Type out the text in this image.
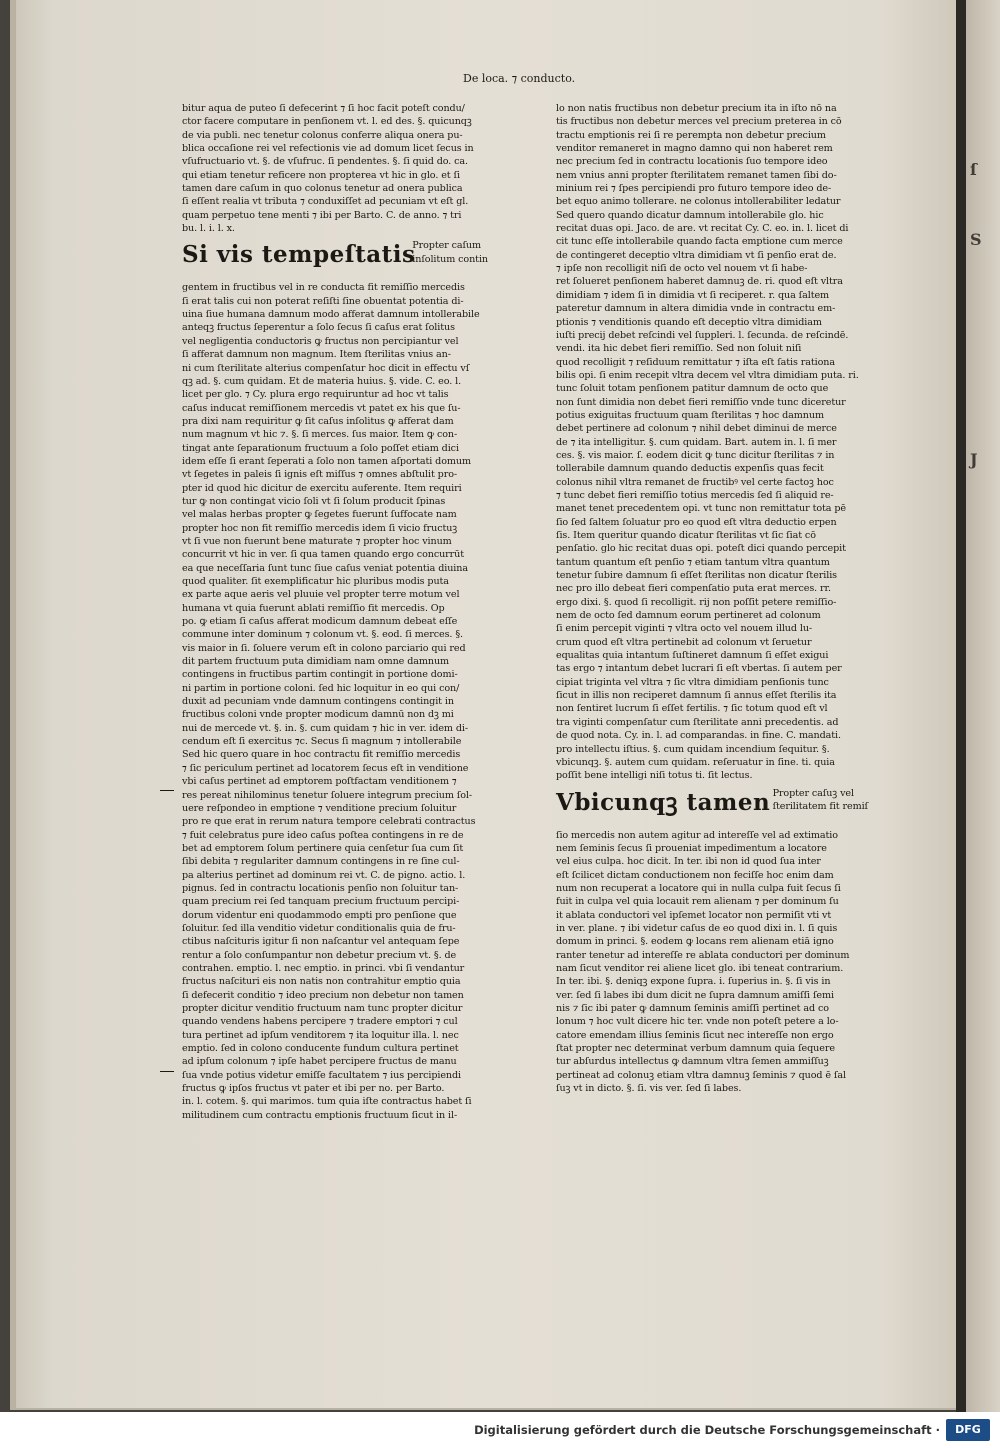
De loca. ⁊ conducto.
bitur aqua de puteo ſi defecerint ⁊ ſi hoc facit poteſt condu/
ctor facere computare in penſionem vt. l. ed des. §. quicunqꝫ
de via publi. nec tenetur colonus conferre aliqua onera pu-
blica occaſione rei vel refectionis vie ad domum licet ſecus in
vſufructuario vt. §. de vſufruc. ſi pendentes. §. ſi quid do. ca.
qui etiam tenetur reficere non propterea vt hic in glo. et ſi
tamen dare caſum in quo colonus tenetur ad onera publica
ſi eſſent realia vt tributa ⁊ conduxiſſet ad pecuniam vt eſt gl.
quam perpetuo tene menti ⁊ ibi per Barto. C. de anno. ⁊ tri
bu. l. i. l. x.
Si vis tempeſtatis
Propter caſum
inſolitum contin
gentem in fructibus vel in re conducta fit remiſſio mercedis
ſi erat talis cui non poterat reſiſti ſine obuentat potentia di-
uina ſiue humana damnum modo afferat damnum intollerabile
anteqꝫ fructus ſeperentur a ſolo ſecus ſi caſus erat ſolitus
vel negligentia conductoris ꝙ fructus non percipiantur vel
ſi afferat damnum non magnum. Item ſterilitas vnius an-
ni cum ſterilitate alterius compenſatur hoc dicit in effectu vſ
qꝫ ad. §. cum quidam. Et de materia huius. §. vide. C. eo. l.
licet per glo. ⁊ Cy. plura ergo requiruntur ad hoc vt talis
caſus inducat remiſſionem mercedis vt patet ex his que ſu-
pra dixi nam requiritur ꝙ ſit caſus inſolitus ꝙ afferat dam
num magnum vt hic ⁊. §. ſi merces. ſus maior. Item ꝙ con-
tingat ante ſeparationum fructuum a ſolo poſſet etiam dici
idem eſſe ſi erant ſeperati a ſolo non tamen aſportati domum
vt ſegetes in paleis ſi ignis eſt miſſus ⁊ omnes abſtulit pro-
pter id quod hic dicitur de exercitu auferente. Item requiri
tur ꝙ non contingat vicio ſoli vt ſi ſolum producit ſpinas
vel malas herbas propter ꝙ ſegetes fuerunt ſuffocate nam
propter hoc non fit remiſſio mercedis idem ſi vicio fructuꝫ
vt ſi vue non fuerunt bene maturate ⁊ propter hoc vinum
concurrit vt hic in ver. ſi qua tamen quando ergo concurrūt
ea que neceſſaria ſunt tunc ſiue caſus veniat potentia diuina
quod qualiter. ſit exemplificatur hic pluribus modis puta
ex parte aque aeris vel pluuie vel propter terre motum vel
humana vt quia fuerunt ablati remiſſio fit mercedis. Op
po. ꝙ etiam ſi caſus afferat modicum damnum debeat eſſe
commune inter dominum ⁊ colonum vt. §. eod. ſi merces. §.
vis maior in ſi. ſoluere verum eſt in colono parciario qui red
dit partem fructuum puta dimidiam nam omne damnum
contingens in fructibus partim contingit in portione domi-
ni partim in portione coloni. ſed hic loquitur in eo qui con/
duxit ad pecuniam vnde damnum contingens contingit in
fructibus coloni vnde propter modicum damnū non dꝫ mi
nui de mercede vt. §. in. §. cum quidam ⁊ hic in ver. idem di-
cendum eſt ſi exercitus ⁊c. Secus ſi magnum ⁊ intollerabile
Sed hic quero quare in hoc contractu fit remiſſio mercedis
⁊ ſic periculum pertinet ad locatorem ſecus eſt in venditione
vbi caſus pertinet ad emptorem poſtfactam venditionem ⁊
res pereat nihilominus tenetur ſoluere integrum precium ſol-
uere reſpondeo in emptione ⁊ venditione precium ſoluitur
pro re que erat in rerum natura tempore celebrati contractus
⁊ fuit celebratus pure ideo caſus poſtea contingens in re de
bet ad emptorem ſolum pertinere quia cenſetur ſua cum ſit
ſibi debita ⁊ regulariter damnum contingens in re ſine cul-
pa alterius pertinet ad dominum rei vt. C. de pigno. actio. l.
pignus. ſed in contractu locationis penſio non ſoluitur tan-
quam precium rei ſed tanquam precium fructuum percipi-
dorum videntur eni quodammodo empti pro penſione que
ſoluitur. ſed illa venditio videtur conditionalis quia de fru-
ctibus naſcituris igitur ſi non naſcantur vel antequam ſepe
rentur a ſolo conſumpantur non debetur precium vt. §. de
contrahen. emptio. l. nec emptio. in princi. vbi ſi vendantur
fructus naſcituri eis non natis non contrahitur emptio quia
ſi defecerit conditio ⁊ ideo precium non debetur non tamen
propter dicitur venditio fructuum nam tunc propter dicitur
quando vendens habens percipere ⁊ tradere emptori ⁊ cul
tura pertinet ad ipſum venditorem ⁊ ita loquitur illa. l. nec
emptio. ſed in colono conducente fundum cultura pertinet
ad ipſum colonum ⁊ ipſe habet percipere fructus de manu
ſua vnde potius videtur emiſſe facultatem ⁊ ius percipiendi
fructus ꝙ ipſos fructus vt pater et ibi per no. per Barto.
in. l. cotem. §. qui marimos. tum quia iſte contractus habet ſi
militudinem cum contractu emptionis fructuum ſicut in il-
lo non natis fructibus non debetur precium ita in iſto nō na
tis fructibus non debetur merces vel precium preterea in cō
tractu emptionis rei ſi re perempta non debetur precium
venditor remaneret in magno damno qui non haberet rem
nec precium ſed in contractu locationis ſuo tempore ideo
nem vnius anni propter ſterilitatem remanet tamen ſibi do-
minium rei ⁊ ſpes percipiendi pro futuro tempore ideo de-
bet equo animo tollerare. ne colonus intollerabiliter ledatur
Sed quero quando dicatur damnum intollerabile glo. hic
recitat duas opi. Jaco. de are. vt recitat Cy. C. eo. in. l. licet di
cit tunc eſſe intollerabile quando facta emptione cum merce
de contingeret deceptio vltra dimidiam vt ſi penſio erat de.
⁊ ipſe non recolligit niſi de octo vel nouem vt ſi habe-
ret ſolueret penſionem haberet damnuꝫ de. ri. quod eſt vltra
dimidiam ⁊ idem ſi in dimidia vt ſi reciperet. r. qua ſaltem
pateretur damnum in altera dimidia vnde in contractu em-
ptionis ⁊ venditionis quando eſt deceptio vltra dimidiam
iuſti precij debet reſcindi vel ſuppleri. l. ſecunda. de reſcindē.
vendi. ita hic debet fieri remiſſio. Sed non ſoluit niſi
quod recolligit ⁊ reſiduum remittatur ⁊ iſta eſt ſatis rationa
bilis opi. ſi enim recepit vltra decem vel vltra dimidiam puta. ri.
tunc ſoluit totam penſionem patitur damnum de octo que
non ſunt dimidia non debet fieri remiſſio vnde tunc diceretur
potius exiguitas fructuum quam ſterilitas ⁊ hoc damnum
debet pertinere ad colonum ⁊ nihil debet diminui de merce
de ⁊ ita intelligitur. §. cum quidam. Bart. autem in. l. ſi mer
ces. §. vis maior. ſ. eodem dicit ꝙ tunc dicitur ſterilitas ⁊ in
tollerabile damnum quando deductis expenſis quas fecit
colonus nihil vltra remanet de fructibꝰ vel certe factoꝫ hoc
⁊ tunc debet fieri remiſſio totius mercedis ſed ſi aliquid re-
manet tenet precedentem opi. vt tunc non remittatur tota pē
ſio ſed ſaltem ſoluatur pro eo quod eſt vltra deductio erpen
ſis. Item queritur quando dicatur ſterilitas vt ſic ſiat cō
penſatio. glo hic recitat duas opi. poteſt dici quando percepit
tantum quantum eſt penſio ⁊ etiam tantum vltra quantum
tenetur ſubire damnum ſi eſſet ſterilitas non dicatur ſterilis
nec pro illo debeat fieri compenſatio puta erat merces. rr.
ergo dixi. §. quod ſi recolligit. rij non poſſit petere remiſſio-
nem de octo ſed damnum eorum pertineret ad colonum
ſi enim percepit viginti ⁊ vltra octo vel nouem illud lu-
crum quod eſt vltra pertinebit ad colonum vt ſeruetur
equalitas quia intantum ſuſtineret damnum ſi eſſet exigui
tas ergo ⁊ intantum debet lucrari ſi eſt vbertas. ſi autem per
cipiat triginta vel vltra ⁊ ſic vltra dimidiam penſionis tunc
ſicut in illis non reciperet damnum ſi annus eſſet ſterilis ita
non ſentiret lucrum ſi eſſet fertilis. ⁊ ſic totum quod eſt vl
tra viginti compenſatur cum ſterilitate anni precedentis. ad
de quod nota. Cy. in. l. ad comparandas. in fine. C. mandati.
pro intellectu iſtius. §. cum quidam incendium ſequitur. §.
vbicunqꝫ. §. autem cum quidam. reſeruatur in ſine. ti. quia
poſſit bene intelligi niſi totus ti. ſit lectus.
Vbicunqꝫ tamen Propter caſuꝫ vel
ſterilitatem fit remiſ
ſio mercedis non autem agitur ad intereſſe vel ad extimatio
nem ſeminis ſecus ſi proueniat impedimentum a locatore
vel eius culpa. hoc dicit. In ter. ibi non id quod ſua inter
eſt ſcilicet dictam conductionem non feciſſe hoc enim dam
num non recuperat a locatore qui in nulla culpa fuit ſecus ſi
fuit in culpa vel quia locauit rem alienam ⁊ per dominum ſu
it ablata conductori vel ipſemet locator non permiſit vti vt
in ver. plane. ⁊ ibi videtur caſus de eo quod dixi in. l. ſi quis
domum in princi. §. eodem ꝙ locans rem alienam etiā igno
ranter tenetur ad intereſſe re ablata conductori per dominum
nam ſicut venditor rei aliene licet glo. ibi teneat contrarium.
In ter. ibi. §. deniqꝫ expone ſupra. i. ſuperius in. §. ſi vis in
ver. ſed ſi labes ibi dum dicit ne ſupra damnum amiſſi ſemi
nis ⁊ ſic ibi pater ꝙ damnum ſeminis amiſſi pertinet ad co
lonum ⁊ hoc vult dicere hic ter. vnde non poteſt petere a lo-
catore emendam illius ſeminis ſicut nec intereſſe non ergo
ſtat propter nec determinat verbum damnum quia ſequere
tur abſurdus intellectus ꝙ damnum vltra ſemen ammiſſuꝫ
pertineat ad colonuꝫ etiam vltra damnuꝫ ſeminis ⁊ quod ē ſal
ſuꝫ vt in dicto. §. ſi. vis ver. ſed ſi labes.
ſ
S
J
Digitalisierung gefördert durch die Deutsche Forschungsgemeinschaft ·	DFG
